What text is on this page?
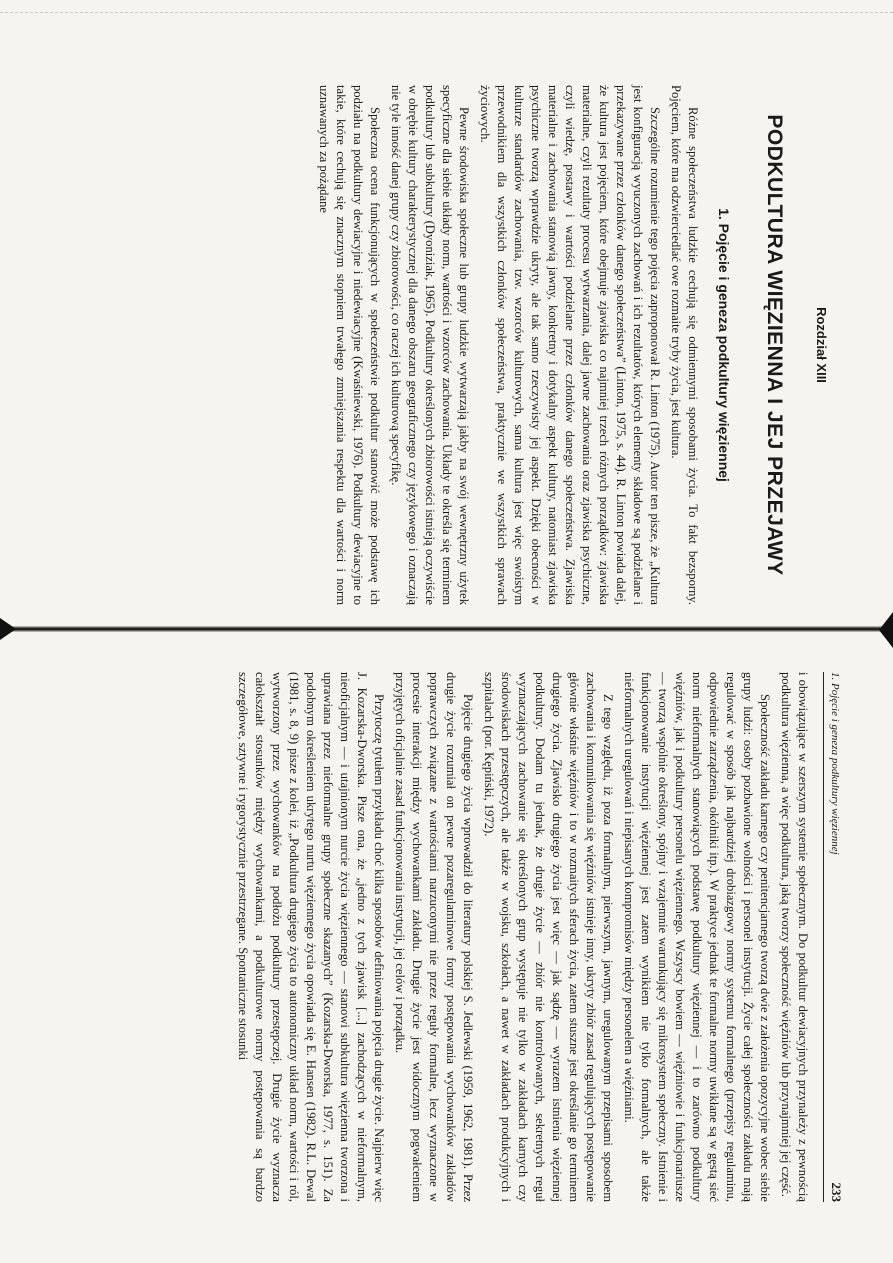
Rozdział XIII
PODKULTURA WIĘZIENNA I JEJ PRZEJAWY
1. Pojęcie i geneza podkultury więziennej

Różne społeczeństwa ludzkie cechują się odmiennymi sposobami życia. To fakt bezsporny. Pojęciem, które ma odzwierciedlać owe rozmaite tryby życia, jest kultura.

Szczególne rozumienie tego pojęcia zaproponował R. Linton (1975). Autor ten pisze, że „Kultura jest konfiguracją wyuczonych zachowań i ich rezultatów, których elementy składowe są podzielane i przekazywane przez członków danego społeczeństwa” (Linton, 1975, s. 44). R. Linton powiada dalej, że kultura jest pojęciem, które obejmuje zjawiska co najmniej trzech różnych porządków: zjawiska materialne, czyli rezultaty procesu wytwarzania, dalej jawne zachowania oraz zjawiska psychiczne, czyli wiedzę, postawy i wartości podzielane przez członków danego społeczeństwa. Zjawiska materialne i zachowania stanowią jawny, konkretny i dotykalny aspekt kultury, natomiast zjawiska psychiczne tworzą wprawdzie ukryty, ale tak samo rzeczywisty jej aspekt. Dzięki obecności w kulturze standardów zachowania, tzw. wzorców kulturowych, sama kultura jest więc swoistym przewodnikiem dla wszystkich członków społeczeństwa, praktycznie we wszystkich sprawach życiowych.

Pewne środowiska społeczne lub grupy ludzkie wytwarzają jakby na swój wewnętrzny użytek specyficzne dla siebie układy norm, wartości i wzorców zachowania. Układy te określa się terminem podkultury lub subkultury (Dyoniziak, 1965). Podkultury określonych zbiorowości istnieją oczywiście w obrębie kultury charakterystycznej dla danego obszaru geograficznego czy językowego i oznaczają nie tyle inność danej grupy czy zbiorowości, co raczej ich kulturową specyfikę.

Społeczna ocena funkcjonujących w społeczeństwie podkultur stanowić może podstawę ich podziału na podkultury dewiacyjne i niedewiacyjne (Kwaśniewski, 1976). Podkultury dewiacyjne to takie, które cechują się znacznym stopniem trwałego zmniejszania respektu dla wartości i norm uznawanych za pożądane

1. Pojęcie i geneza podkultury więziennej
233

i obowiązujące w szerszym systemie społecznym. Do podkultur dewiacyjnych przynależy z pewnością podkultura więzienna, a więc podkultura, jaką tworzy społeczność więźniów lub przynajmniej jej część.

Społeczność zakładu karnego czy penitencjarnego tworzą dwie z założenia opozycyjne wobec siebie grupy ludzi: osoby pozbawione wolności i personel instytucji. Życie całej społeczności zakładu mają regulować w sposób jak najbardziej drobiazgowy normy systemu formalnego (przepisy regulaminu, odpowiednie zarządzenia, okólniki itp.). W praktyce jednak te formalne normy uwikłane są w gęstą sieć norm nieformalnych stanowiących podstawę podkultury więziennej — i to zarówno podkultury więźniów, jak i podkultury personelu więziennego. Wszyscy bowiem — więźniowie i funkcjonariusze — tworzą wspólnie określony, spójny i wzajemnie warunkujący się mikrosystem społeczny. Istnienie i funkcjonowanie instytucji więziennej jest zatem wynikiem nie tylko formalnych, ale także nieformalnych uregulowań i niepisanych kompromisów między personelem a więźniami.

Z tego względu, iż poza formalnym, pierwszym, jawnym, uregulowanym przepisami sposobem zachowania i komunikowania się więźniów istnieje inny, ukryty zbiór zasad regulujących postępowanie głównie właśnie więźniów i to w rozmaitych sferach życia, zatem stuszne jest określanie go terminem drugiego życia. Zjawisko drugiego życia jest więc — jak sądzę — wyrazem istnienia więziennej podkultury. Dodam tu jednak, że drugie życie — zbiór nie kontrolowanych, sekretnych reguł wyznaczających zachowanie się określonych grup występuje nie tylko w zakładach karnych czy środowiskach przestępczych, ale także w wojsku, szkołach, a nawet w zakładach produkcyjnych i szpitalach (por. Kępiński, 1972).

Pojęcie drugiego życia wprowadził do literatury polskiej S. Jedlewski (1959, 1962, 1981). Przez drugie życie rozumiał on pewne pozaregulaminowe formy postępowania wychowanków zakładów poprawczych związane z wartościami narzuconymi nie przez reguły formalne, lecz wyznaczone w procesie interakcji między wychowankami zakładu. Drugie życie jest widocznym pogwałceniem przyjętych oficjalnie zasad funkcjonowania instytucji, jej celów i porządku.

Przytoczę tytułem przykładu choć kilka sposobów definiowania pojęcia drugie życie. Najpierw więc J. Kozarska-Dworska. Pisze ona, że „jedno z tych zjawisk [...] zachodzących w nieformalnym, nieoficjalnym — i utajnionym nurcie życia więziennego — stanowi subkultura więzienna tworzona i uprawiana przez nieformalne grupy społeczne skazanych” (Kozarska-Dworska, 1977, s. 151). Za podobnym określeniem ukrytego nurtu więziennego życia opowiada się E. Hansen (1982). R.L. Dewal (1981, s. 8, 9) pisze z kolei, iż „Podkultura drugiego życia to autonomiczny układ norm, wartości i ról, wytworzony przez wychowanków na podłożu podkultury przestępczej. Drugie życie wyznacza całokształt stosunków między wychowankami, a podkulturowe normy postępowania są bardzo szczegółowe, sztywne i rygorystycznie przestrzegane. Spontaniczne stosunki
